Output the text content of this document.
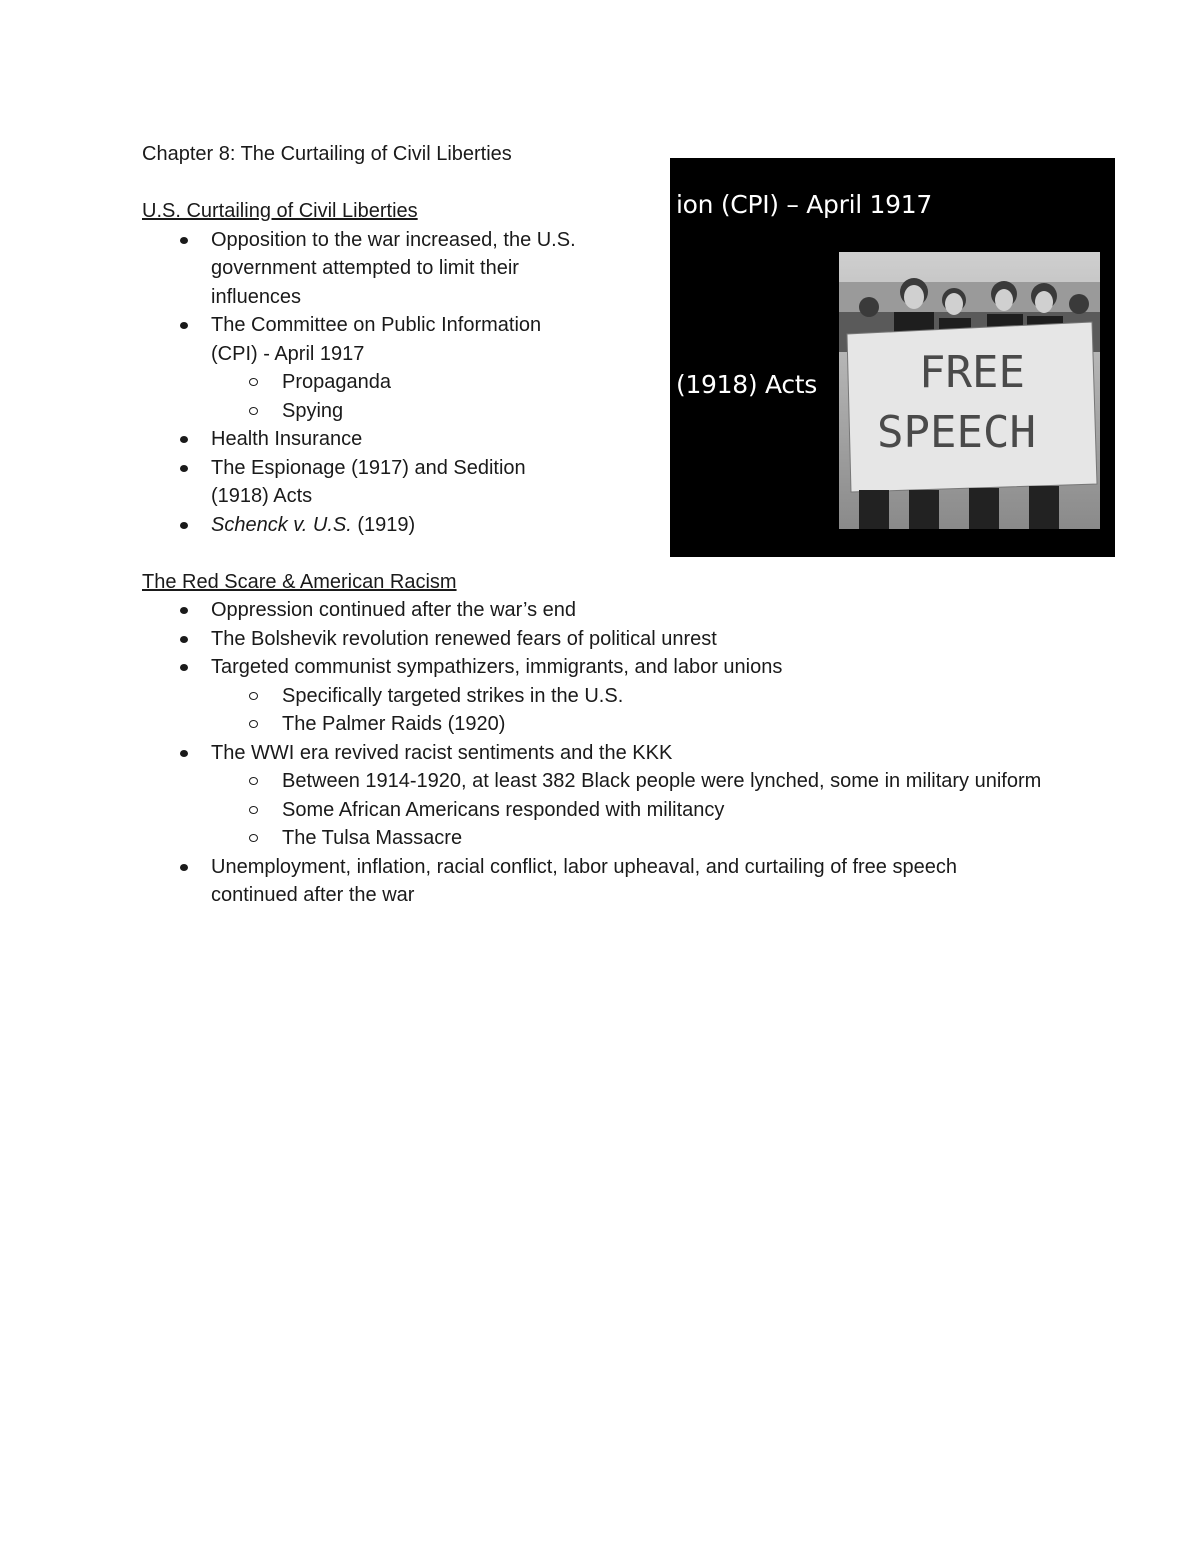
Chapter 8: The Curtailing of Civil Liberties
U.S. Curtailing of Civil Liberties
Opposition to the war increased, the U.S. government attempted to limit their influences
The Committee on Public Information (CPI) - April 1917
Propaganda
Spying
Health Insurance
The Espionage (1917) and Sedition (1918) Acts
Schenck v. U.S. (1919)
The Red Scare & American Racism
Oppression continued after the war’s end
The Bolshevik revolution renewed fears of political unrest
Targeted communist sympathizers, immigrants, and labor unions
Specifically targeted strikes in the U.S.
The Palmer Raids (1920)
The WWI era revived racist sentiments and the KKK
Between 1914-1920, at least 382 Black people were lynched, some in military uniform
Some African Americans responded with militancy
The Tulsa Massacre
Unemployment, inflation, racial conflict, labor upheaval, and curtailing of free speech continued after the war
ion (CPI) – April 1917
(1918) Acts FREE
SPEECH
